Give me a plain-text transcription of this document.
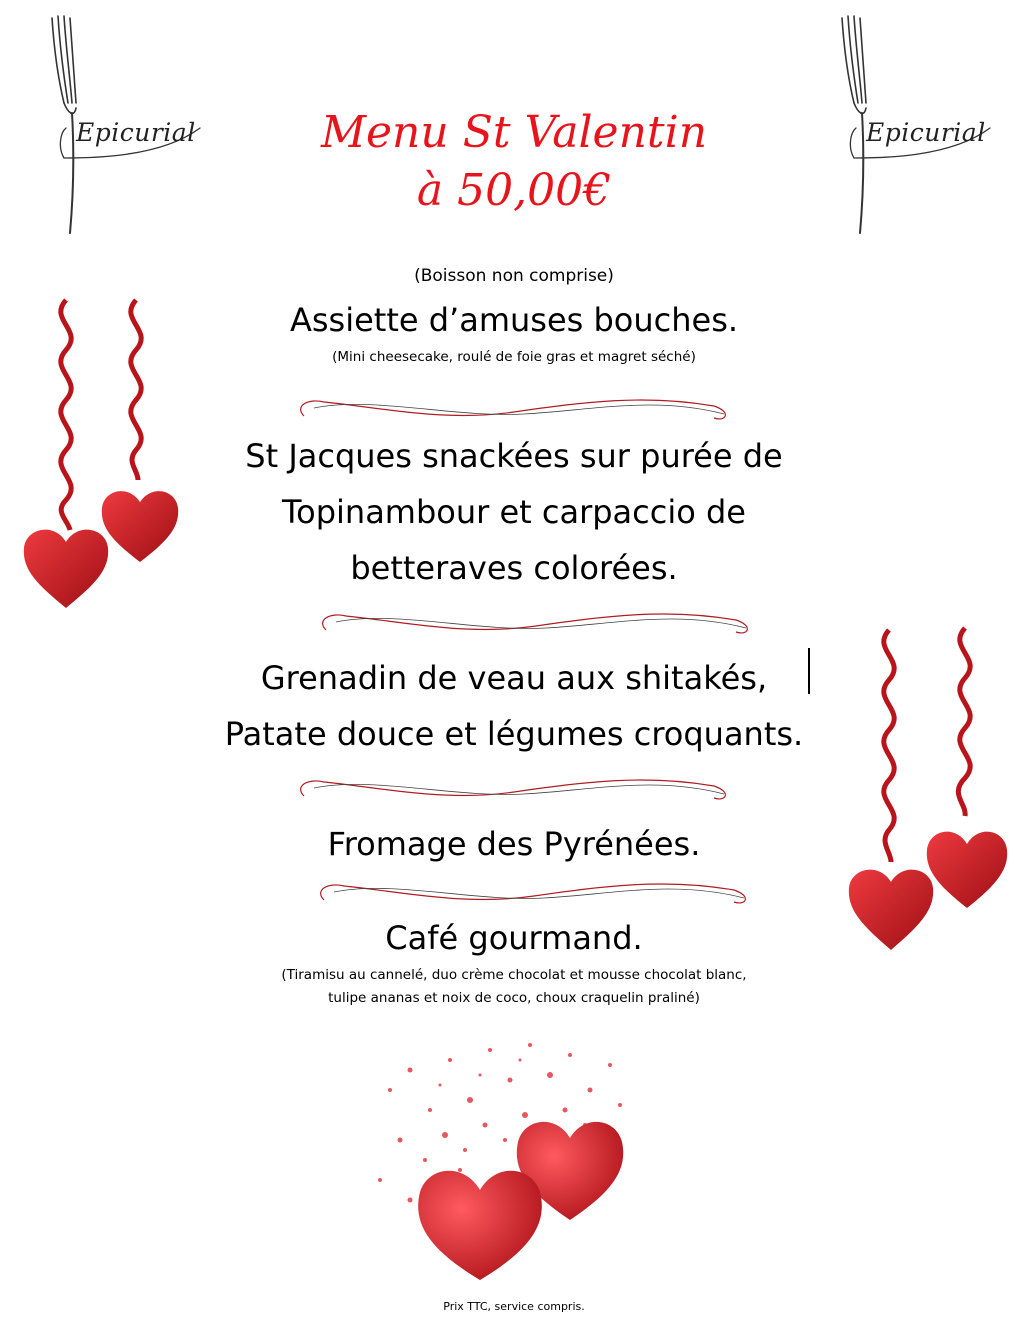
Epicurial	Epicurial
Menu St Valentin
à 50,00€
(Boisson non comprise)
Assiette d’amuses bouches.
(Mini cheesecake, roulé de foie gras et magret séché)
St Jacques snackées sur purée de
Topinambour et carpaccio de
betteraves colorées.
Grenadin de veau aux shitakés,
Patate douce et légumes croquants.
Fromage des Pyrénées.
Café gourmand.
(Tiramisu au cannelé, duo crème chocolat et mousse chocolat blanc,
tulipe ananas et noix de coco, choux craquelin praliné)
Prix TTC, service compris.
